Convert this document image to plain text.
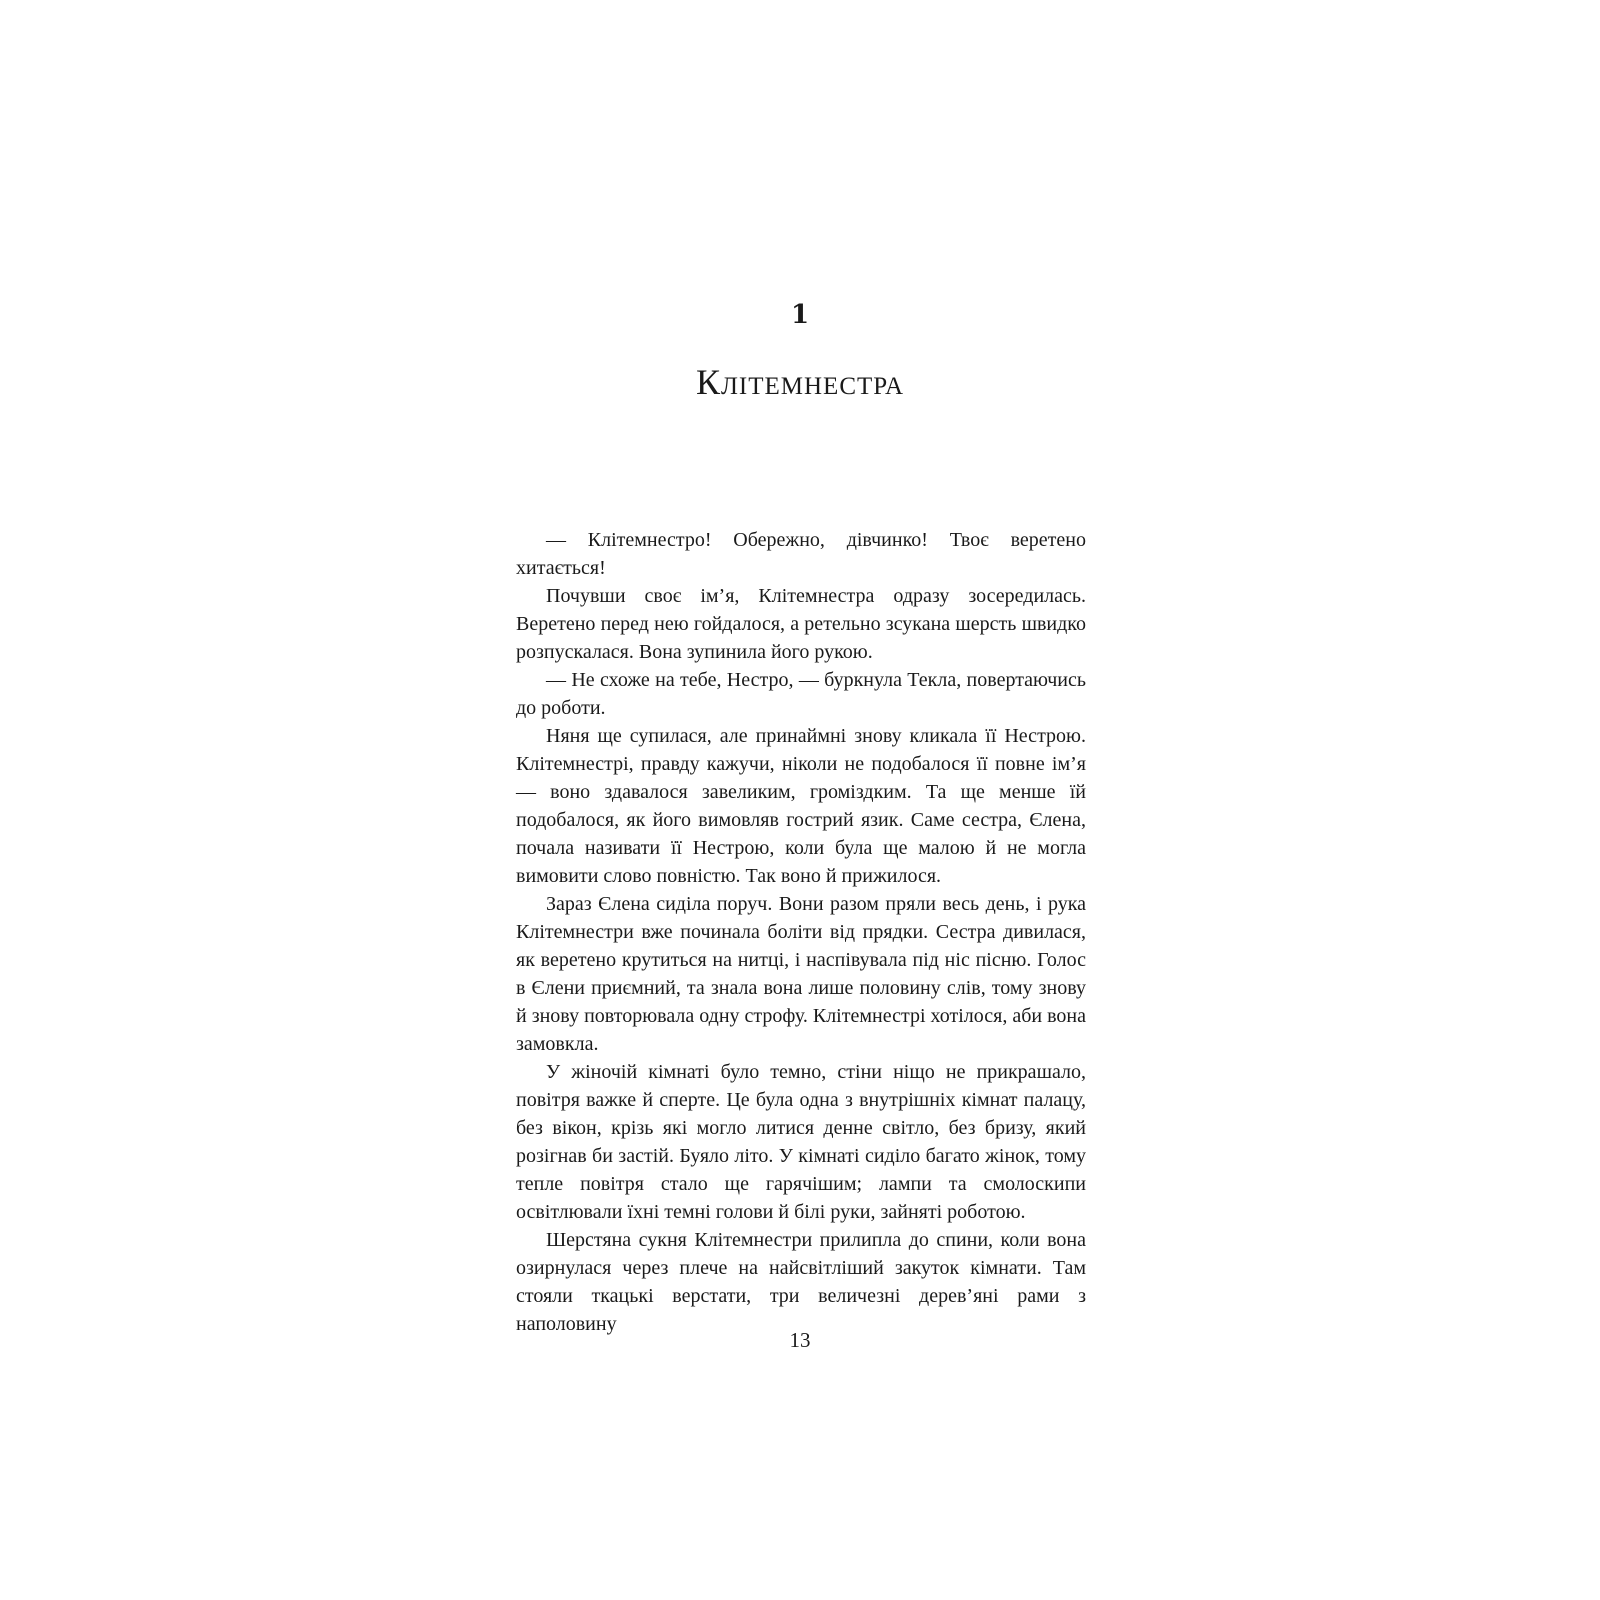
1
Клітемнестра

— Клітемнестро! Обережно, дівчинко! Твоє веретено хитається!

Почувши своє ім’я, Клітемнестра одразу зосередилась. Веретено перед нею гойдалося, а ретельно зсукана шерсть швидко розпускалася. Вона зупинила його рукою.

— Не схоже на тебе, Нестро, — буркнула Текла, повертаючись до роботи.

Няня ще супилася, але принаймні знову кликала її Нестрою. Клітемнестрі, правду кажучи, ніколи не подобалося її повне ім’я — воно здавалося завеликим, громіздким. Та ще менше їй подобалося, як його вимовляв гострий язик. Саме сестра, Єлена, почала називати її Нестрою, коли була ще малою й не могла вимовити слово повністю. Так воно й прижилося.

Зараз Єлена сиділа поруч. Вони разом пряли весь день, і рука Клітемнестри вже починала боліти від прядки. Сестра дивилася, як веретено крутиться на нитці, і наспівувала під ніс пісню. Голос в Єлени приємний, та знала вона лише половину слів, тому знову й знову повторювала одну строфу. Клітемнестрі хотілося, аби вона замовкла.

У жіночій кімнаті було темно, стіни ніщо не прикрашало, повітря важке й сперте. Це була одна з внутрішніх кімнат палацу, без вікон, крізь які могло литися денне світло, без бризу, який розігнав би застій. Буяло літо. У кімнаті сиділо багато жінок, тому тепле повітря стало ще гарячішим; лампи та смолоскипи освітлювали їхні темні голови й білі руки, зайняті роботою.

Шерстяна сукня Клітемнестри прилипла до спини, коли вона озирнулася через плече на найсвітліший закуток кімнати. Там стояли ткацькі верстати, три величезні дерев’яні рами з наполовину

13
